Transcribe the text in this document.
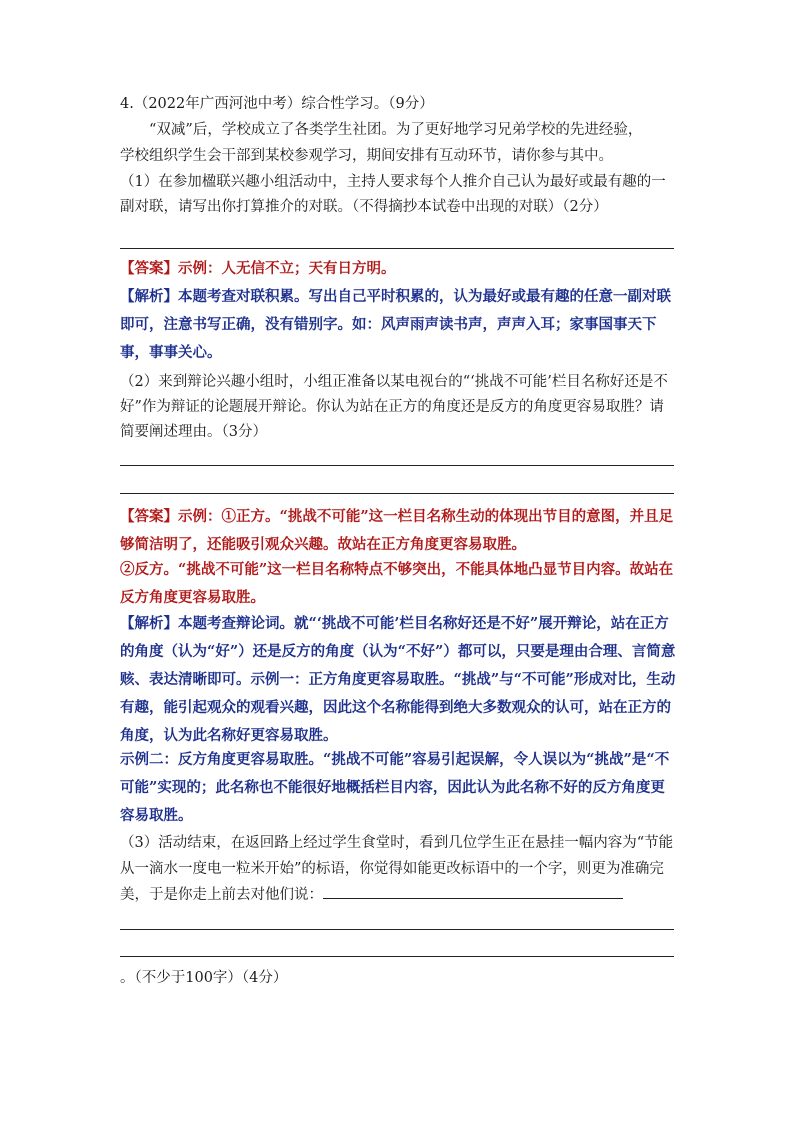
4.（2022年广西河池中考）综合性学习。（9分）

“双减”后，学校成立了各类学生社团。为了更好地学习兄弟学校的先进经验，

学校组织学生会干部到某校参观学习，期间安排有互动环节，请你参与其中。

（1）在参加楹联兴趣小组活动中，主持人要求每个人推介自己认为最好或最有趣的一副对联，请写出你打算推介的对联。（不得摘抄本试卷中出现的对联）（2分）

【答案】示例：人无信不立；天有日方明。

【解析】本题考查对联积累。写出自己平时积累的，认为最好或最有趣的任意一副对联即可，注意书写正确，没有错别字。如：风声雨声读书声，声声入耳；家事国事天下事，事事关心。

（2）来到辩论兴趣小组时，小组正准备以某电视台的“‘挑战不可能’栏目名称好还是不好”作为辩证的论题展开辩论。你认为站在正方的角度还是反方的角度更容易取胜？请简要阐述理由。（3分）

【答案】示例：①正方。“挑战不可能”这一栏目名称生动的体现出节目的意图，并且足够简洁明了，还能吸引观众兴趣。故站在正方角度更容易取胜。

②反方。“挑战不可能”这一栏目名称特点不够突出，不能具体地凸显节目内容。故站在反方角度更容易取胜。

【解析】本题考查辩论词。就“‘挑战不可能’栏目名称好还是不好”展开辩论，站在正方的角度（认为“好”）还是反方的角度（认为“不好”）都可以，只要是理由合理、言简意赅、表达清晰即可。示例一：正方角度更容易取胜。“挑战”与“不可能”形成对比，生动有趣，能引起观众的观看兴趣，因此这个名称能得到绝大多数观众的认可，站在正方的角度，认为此名称好更容易取胜。

示例二：反方角度更容易取胜。“挑战不可能”容易引起误解，令人误以为“挑战”是“不可能”实现的；此名称也不能很好地概括栏目内容，因此认为此名称不好的反方角度更容易取胜。

（3）活动结束，在返回路上经过学生食堂时，看到几位学生正在悬挂一幅内容为“节能从一滴水一度电一粒米开始”的标语，你觉得如能更改标语中的一个字，则更为准确完美，于是你走上前去对他们说：

。（不少于100字）（4分）
